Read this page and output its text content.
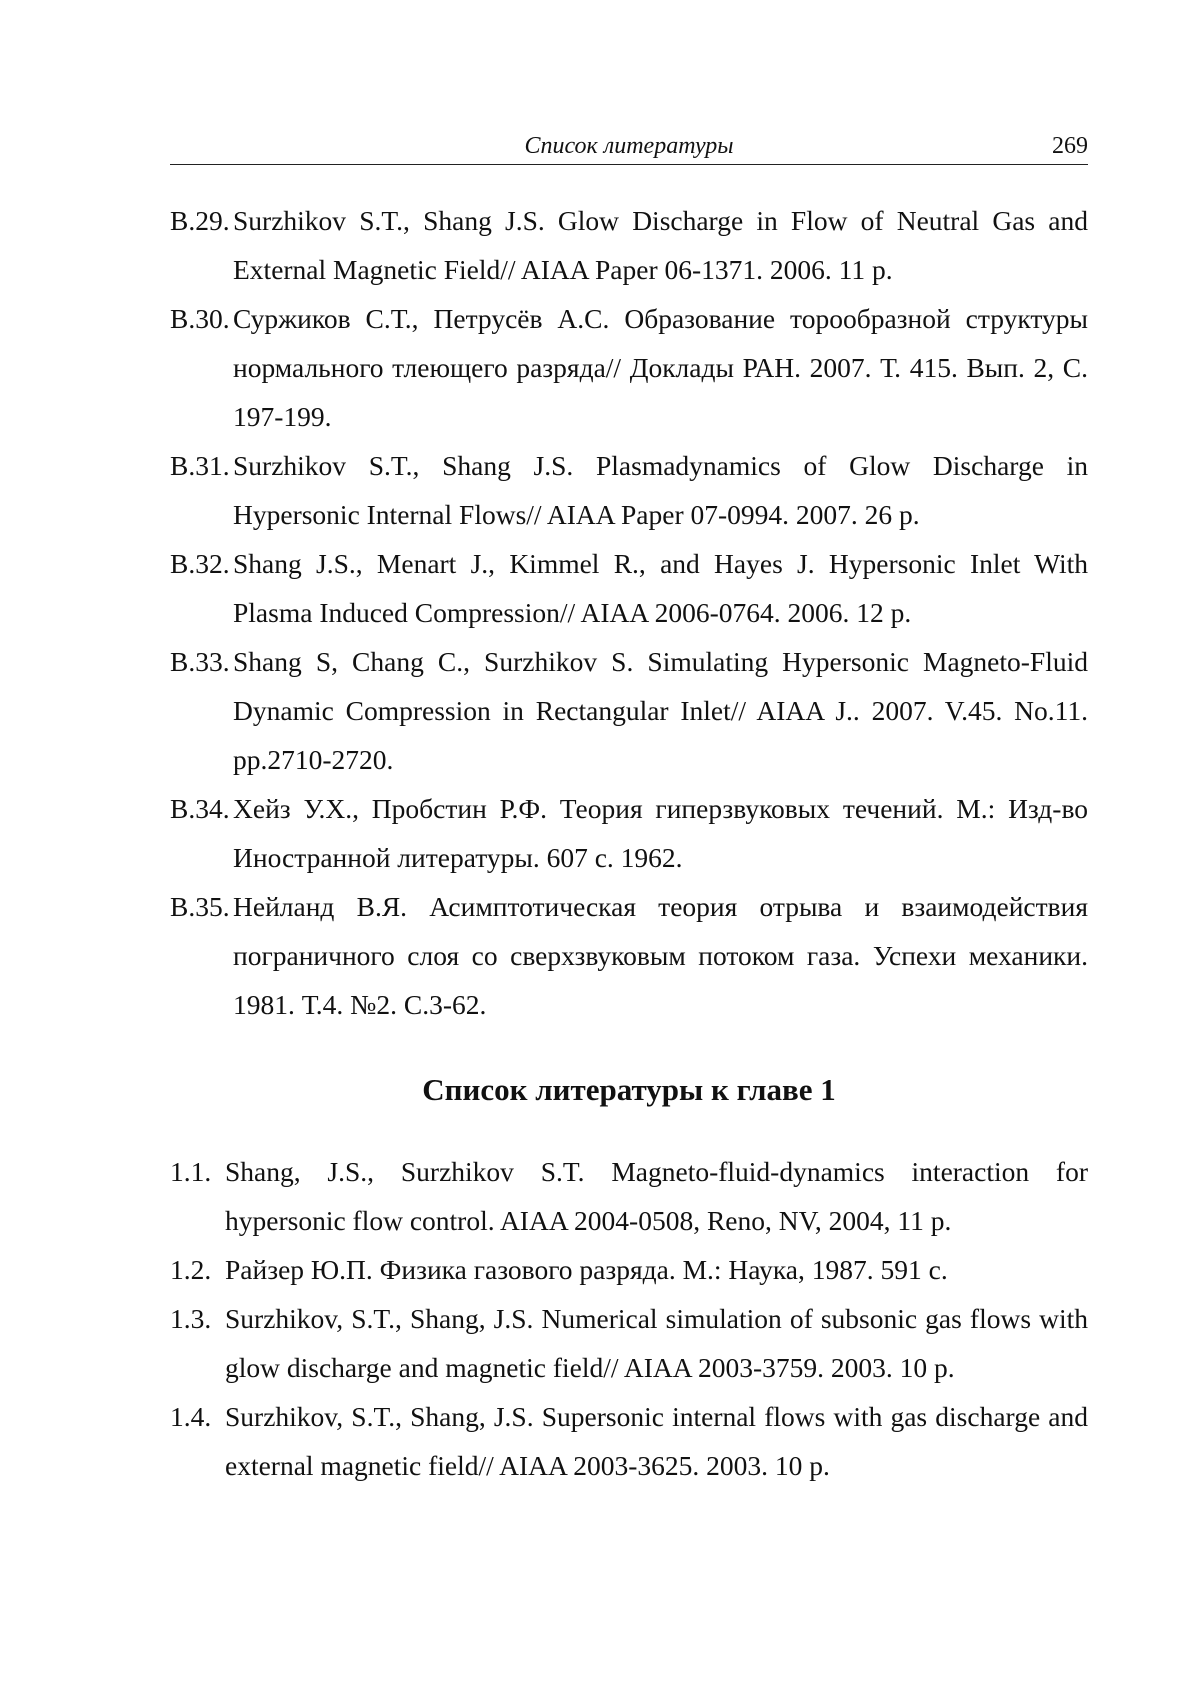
Список литературы	269
B.29. Surzhikov S.T., Shang J.S. Glow Discharge in Flow of Neutral Gas and External Magnetic Field// AIAA Paper 06-1371. 2006. 11 p.
B.30. Суржиков С.Т., Петрусёв А.С. Образование торообразной структуры нормального тлеющего разряда// Доклады РАН. 2007. Т. 415. Вып. 2, С. 197-199.
B.31. Surzhikov S.T., Shang J.S. Plasmadynamics of Glow Discharge in Hypersonic Internal Flows// AIAA Paper 07-0994. 2007. 26 p.
B.32. Shang J.S., Menart J., Kimmel R., and Hayes J. Hypersonic Inlet With Plasma Induced Compression// AIAA 2006-0764. 2006. 12 p.
B.33. Shang S, Chang C., Surzhikov S. Simulating Hypersonic Magneto-Fluid Dynamic Compression in Rectangular Inlet// AIAA J.. 2007. V.45. No.11. pp.2710-2720.
B.34. Хейз У.Х., Пробстин Р.Ф. Теория гиперзвуковых течений. М.: Изд-во Иностранной литературы. 607 с. 1962.
B.35. Нейланд В.Я. Асимптотическая теория отрыва и взаимодействия пограничного слоя со сверхзвуковым потоком газа. Успехи механики. 1981. Т.4. №2. С.3-62.
Список литературы к главе 1
1.1. Shang, J.S., Surzhikov S.T. Magneto-fluid-dynamics interaction for hypersonic flow control. AIAA 2004-0508, Reno, NV, 2004, 11 p.
1.2. Райзер Ю.П. Физика газового разряда. М.: Наука, 1987. 591 с.
1.3. Surzhikov, S.T., Shang, J.S. Numerical simulation of subsonic gas flows with glow discharge and magnetic field// AIAA 2003-3759. 2003. 10 p.
1.4. Surzhikov, S.T., Shang, J.S. Supersonic internal flows with gas discharge and external magnetic field// AIAA 2003-3625. 2003. 10 p.
